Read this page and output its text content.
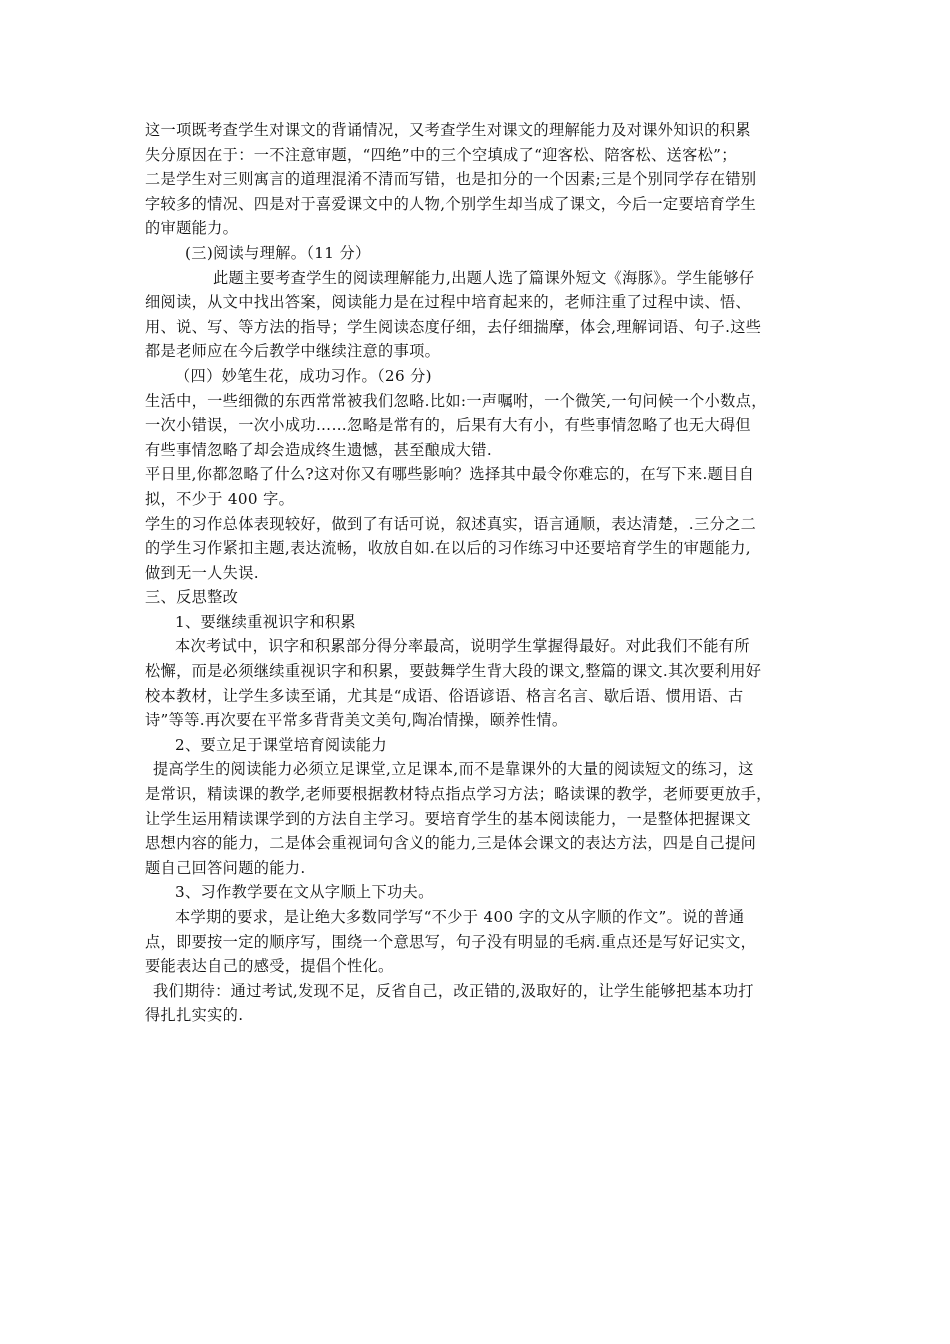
这一项既考查学生对课文的背诵情况，又考查学生对课文的理解能力及对课外知识的积累
失分原因在于：一不注意审题，“四绝”中的三个空填成了“迎客松、陪客松、送客松”；
二是学生对三则寓言的道理混淆不清而写错，也是扣分的一个因素;三是个别同学存在错别
字较多的情况、四是对于喜爱课文中的人物,个别学生却当成了课文，今后一定要培育学生
的审题能力。
(三)阅读与理解。（11 分）
此题主要考查学生的阅读理解能力,出题人选了篇课外短文《海豚》。学生能够仔
细阅读，从文中找出答案，阅读能力是在过程中培育起来的，老师注重了过程中读、悟、
用、说、写、等方法的指导；学生阅读态度仔细，去仔细揣摩，体会,理解词语、句子.这些
都是老师应在今后教学中继续注意的事项。
（四）妙笔生花，成功习作。（26 分)
生活中，一些细微的东西常常被我们忽略.比如:一声嘱咐，一个微笑,一句问候一个小数点，
一次小错误，一次小成功……忽略是常有的，后果有大有小，有些事情忽略了也无大碍但
有些事情忽略了却会造成终生遗憾，甚至酿成大错.
平日里,你都忽略了什么?这对你又有哪些影响？选择其中最令你难忘的，在写下来.题目自
拟，不少于 400 字。
学生的习作总体表现较好，做到了有话可说，叙述真实，语言通顺，表达清楚，.三分之二
的学生习作紧扣主题,表达流畅，收放自如.在以后的习作练习中还要培育学生的审题能力,
做到无一人失误.
三、反思整改
1、要继续重视识字和积累
本次考试中，识字和积累部分得分率最高，说明学生掌握得最好。对此我们不能有所
松懈，而是必须继续重视识字和积累，要鼓舞学生背大段的课文,整篇的课文.其次要利用好
校本教材，让学生多读至诵，尤其是“成语、俗语谚语、格言名言、歇后语、惯用语、古
诗”等等.再次要在平常多背背美文美句,陶冶情操，颐养性情。
2、要立足于课堂培育阅读能力
提高学生的阅读能力必须立足课堂,立足课本,而不是靠课外的大量的阅读短文的练习，这
是常识，精读课的教学,老师要根据教材特点指点学习方法；略读课的教学，老师要更放手，
让学生运用精读课学到的方法自主学习。要培育学生的基本阅读能力，一是整体把握课文
思想内容的能力，二是体会重视词句含义的能力,三是体会课文的表达方法，四是自己提问
题自己回答问题的能力.
3、习作教学要在文从字顺上下功夫。
本学期的要求，是让绝大多数同学写“不少于 400 字的文从字顺的作文”。说的普通
点，即要按一定的顺序写，围绕一个意思写，句子没有明显的毛病.重点还是写好记实文，
要能表达自己的感受，提倡个性化。
我们期待：通过考试,发现不足，反省自己，改正错的,汲取好的，让学生能够把基本功打
得扎扎实实的.
